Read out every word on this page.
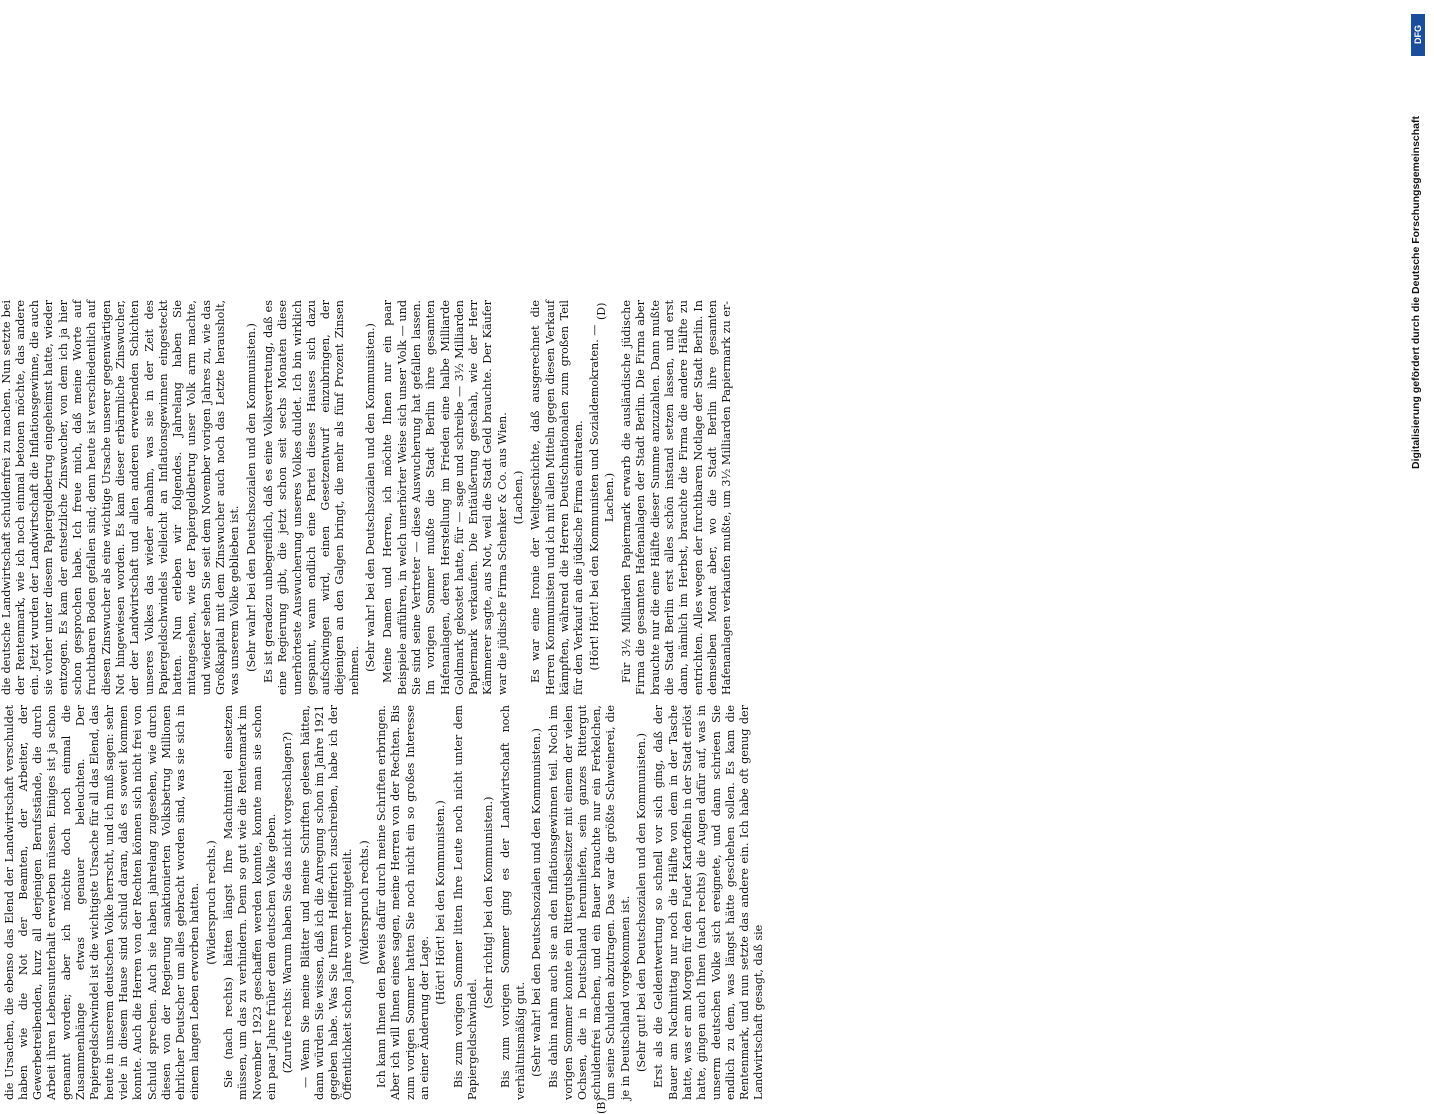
(B)
(D)

die Ursachen, die ebenso das Elend der Landwirtschaft verschuldet haben wie die Not der Beamten, der Arbeiter, der Gewerbetreibenden, kurz all derjenigen Berufsstände, die durch Arbeit ihren Lebensunterhalt erwerben müssen. Einiges ist ja schon genannt worden; aber ich möchte doch noch einmal die Zusammenhänge etwas genauer beleuchten. Der Papiergeldschwindel ist die wichtigste Ursache für all das Elend, das heute in unserem deutschen Volke herrscht, und ich muß sagen: sehr viele in diesem Hause sind schuld daran, daß es soweit kommen konnte. Auch die Herren von der Rechten können sich nicht frei von Schuld sprechen. Auch sie haben jahrelang zugesehen, wie durch diesen von der Regierung sanktionierten Volksbetrug Millionen ehrlicher Deutscher um alles gebracht worden sind, was sie sich in einem langen Leben erworben hatten. (Widerspruch rechts.) Sie (nach rechts) hätten längst Ihre Machtmittel einsetzen müssen, um das zu verhindern. Denn so gut wie die Rentenmark im November 1923 geschaffen werden konnte, konnte man sie schon ein paar Jahre früher dem deutschen Volke geben. (Zurufe rechts: Warum haben Sie das nicht vorgeschlagen?) — Wenn Sie meine Blätter und meine Schriften gelesen hätten, dann würden Sie wissen, daß ich die Anregung schon im Jahre 1921 gegeben habe. Was Sie Ihrem Helfferich zuschreiben, habe ich der Öffentlichkeit schon Jahre vorher mitgeteilt. (Widerspruch rechts.) Ich kann Ihnen den Beweis dafür durch meine Schriften erbringen. Aber ich will Ihnen eines sagen, meine Herren von der Rechten. Bis zum vorigen Sommer hatten Sie noch nicht ein so großes Interesse an einer Änderung der Lage.

(Hört! Hört! bei den Kommunisten.) Bis zum vorigen Sommer litten Ihre Leute noch nicht unter dem Papiergeldschwindel.

(Sehr richtig! bei den Kommunisten.) Bis zum vorigen Sommer ging es der Landwirtschaft noch verhältnismäßig gut. (Sehr wahr! bei den Deutschsozialen und den Kommunisten.) Bis dahin nahm auch sie an den Inflationsgewinnen teil. Noch im vorigen Sommer konnte ein Rittergutsbesitzer mit einem der vielen Ochsen, die in Deutschland herumliefen, sein ganzes Rittergut schuldenfrei machen, und ein Bauer brauchte nur ein Ferkelchen, um seine Schulden abzutragen. Das war die größte Schweinerei, die je in Deutschland vorgekommen ist. (Sehr gut! bei den Deutschsozialen und den Kommunisten.) Erst als die Geldentwertung so schnell vor sich ging, daß der Bauer am Nachmittag nur noch die Hälfte von dem in der Tasche hatte, was er am Morgen für den Fuder Kartoffeln in der Stadt erlöst hatte, gingen auch Ihnen (nach rechts) die Augen dafür auf, was in unserm deutschen Volke sich ereignete, und dann schrieen Sie endlich zu dem, was längst hätte geschehen sollen. Es kam die Rentenmark, und nun setzte das andere ein. Ich habe oft genug der Landwirtschaft gesagt, daß sie

die deutsche Landwirtschaft schuldenfrei zu machen. Nun setzte bei der Rentenmark, wie ich noch einmal betonen möchte, das andere ein. Jetzt wurden der Landwirtschaft die Inflationsgewinne, die auch sie vorher unter diesem Papiergeldbetrug eingeheimst hatte, wieder entzogen. Es kam der entsetzliche Zinswucher, von dem ich ja hier schon gesprochen habe. Ich freue mich, daß meine Worte auf fruchtbaren Boden gefallen sind; denn heute ist verschiedentlich auf diesen Zinswucher als eine wichtige Ursache unserer gegenwärtigen Not hingewiesen worden. Es kam dieser erbärmliche Zinswucher, der der Landwirtschaft und allen anderen erwerbenden Schichten unseres Volkes das wieder abnahm, was sie in der Zeit des Papiergeldschwindels vielleicht an Inflationsgewinnen eingesteckt hatten. Nun erleben wir folgendes. Jahrelang haben Sie mitangesehen, wie der Papiergeldbetrug unser Volk arm machte, und wieder sehen Sie seit dem November vorigen Jahres zu, wie das Großkapital mit dem Zinswucher auch noch das Letzte herausholt, was unserem Volke geblieben ist. (Sehr wahr! bei den Deutschsozialen und den Kommunisten.) Es ist geradezu unbegreiflich, daß es eine Volksvertretung, daß es eine Regierung gibt, die jetzt schon seit sechs Monaten diese unerhörteste Auswucherung unseres Volkes duldet. Ich bin wirklich gespannt, wann endlich eine Partei dieses Hauses sich dazu aufschwingen wird, einen Gesetzentwurf einzubringen, der diejenigen an den Galgen bringt, die mehr als fünf Prozent Zinsen nehmen. (Sehr wahr! bei den Deutschsozialen und den Kommunisten.) Meine Damen und Herren, ich möchte Ihnen nur ein paar Beispiele anführen, in welch unerhörter Weise sich unser Volk — und Sie sind seine Vertreter — diese Auswucherung hat gefallen lassen. Im vorigen Sommer mußte die Stadt Berlin ihre gesamten Hafenanlagen, deren Herstellung im Frieden eine halbe Milliarde Goldmark gekostet hatte, für — sage und schreibe — 3½ Milliarden Papiermark verkaufen. Die Entäußerung geschah, wie der Herr Kämmerer sagte, aus Not, weil die Stadt Geld brauchte. Der Käufer war die jüdische Firma Schenker & Co. aus Wien. (Lachen.) Es war eine Ironie der Weltgeschichte, daß ausgerechnet die Herren Kommunisten und ich mit allen Mitteln gegen diesen Verkauf kämpften, während die Herren Deutschnationalen zum großen Teil für den Verkauf an die jüdische Firma eintraten. (Hört! Hört! bei den Kommunisten und Sozialdemokraten. — Lachen.) Für 3½ Milliarden Papiermark erwarb die ausländische jüdische Firma die gesamten Hafenanlagen der Stadt Berlin. Die Firma aber brauchte nur die eine Hälfte dieser Summe anzuzahlen. Dann mußte die Stadt Berlin erst alles schön instand setzen lassen, und erst dann, nämlich im Herbst, brauchte die Firma die andere Hälfte zu entrichten. Alles wegen der furchtbaren Notlage der Stadt Berlin. In demselben Monat aber, wo die Stadt Berlin ihre gesamten Hafenanlagen verkaufen mußte, um 3½ Milliarden Papiermark zu er-

DFG
Digitalisierung gefördert durch die Deutsche Forschungsgemeinschaft
